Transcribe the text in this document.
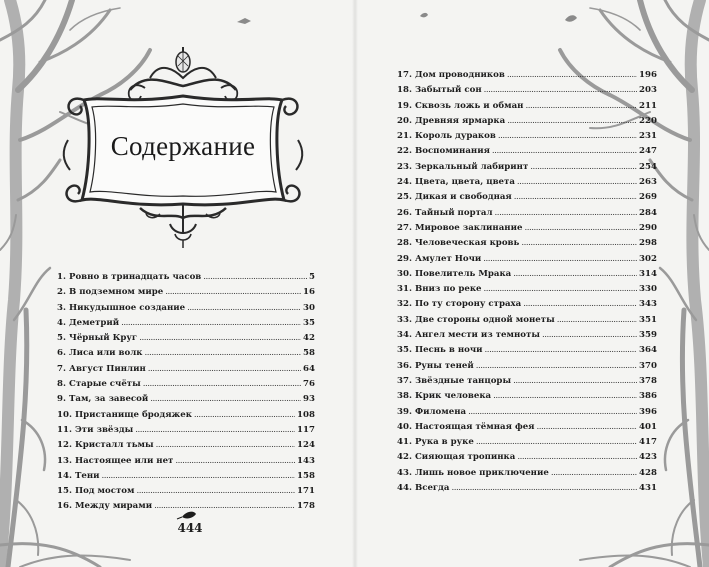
Содержание
1. Ровно в тринадцать часов . . .	5
2. В подземном мире . . .	16
3. Никудышное создание . . .	30
4. Деметрий . . .	35
5. Чёрный Круг . . .	42
6. Лиса или волк . . .	58
7. Август Пинлин . . .	64
8. Старые счёты . . .	76
9. Там, за завесой . . .	93
10. Пристанище бродяжек . . .	108
11. Эти звёзды . . .	117
12. Кристалл тьмы . . .	124
13. Настоящее или нет . . .	143
14. Тени . . .	158
15. Под мостом . . .	171
16. Между мирами . . .	178
17. Дом проводников . . .	196
18. Забытый сон . . .	203
19. Сквозь ложь и обман . . .	211
20. Древняя ярмарка . . .	220
21. Король дураков . . .	231
22. Воспоминания . . .	247
23. Зеркальный лабиринт . . .	254
24. Цвета, цвета, цвета . . .	263
25. Дикая и свободная . . .	269
26. Тайный портал . . .	284
27. Мировое заклинание . . .	290
28. Человеческая кровь . . .	298
29. Амулет Ночи . . .	302
30. Повелитель Мрака . . .	314
31. Вниз по реке . . .	330
32. По ту сторону страха . . .	343
33. Две стороны одной монеты . . .	351
34. Ангел мести из темноты . . .	359
35. Песнь в ночи . . .	364
36. Руны теней . . .	370
37. Звёздные танцоры . . .	378
38. Крик человека . . .	386
39. Филомена . . .	396
40. Настоящая тёмная фея . . .	401
41. Рука в руке . . .	417
42. Сияющая тропинка . . .	423
43. Лишь новое приключение . . .	428
44. Всегда . . .	431
444
